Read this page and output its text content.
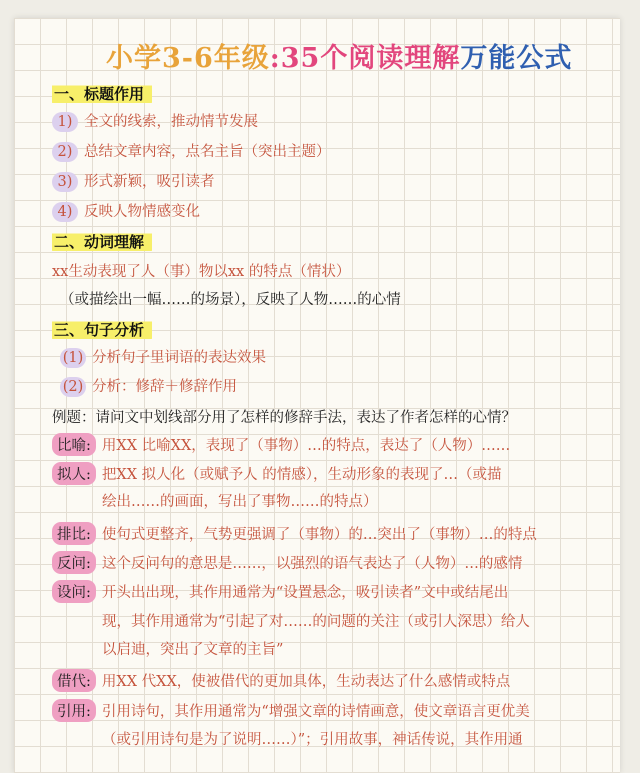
小学3-6年级:35个阅读理解万能公式
一、标题作用
1) 全文的线索，推动情节发展
2) 总结文章内容，点名主旨（突出主题）
3) 形式新颖，吸引读者
4) 反映人物情感变化
二、动词理解
xx生动表现了人（事）物以xx 的特点（情状）
（或描绘出一幅……的场景），反映了人物……的心情
三、句子分析
(1) 分析句子里词语的表达效果
(2) 分析：修辞＋修辞作用
例题：请问文中划线部分用了怎样的修辞手法，表达了作者怎样的心情？
比喻: 用XX 比喻XX，表现了（事物）…的特点，表达了（人物）……
拟人: 把XX 拟人化（或赋予人 的情感），生动形象的表现了…（或描
绘出……的画面，写出了事物……的特点）
排比: 使句式更整齐，气势更强调了（事物）的…突出了（事物）…的特点
反问: 这个反问句的意思是……，以强烈的语气表达了（人物）…的感情
设问: 开头出出现，其作用通常为“设置悬念，吸引读者”文中或结尾出
现，其作用通常为“引起了对……的问题的关注（或引人深思）给人
以启迪，突出了文章的主旨”
借代: 用XX 代XX，使被借代的更加具体，生动表达了什么感情或特点
引用: 引用诗句，其作用通常为“增强文章的诗情画意，使文章语言更优美
（或引用诗句是为了说明……）”；引用故事，神话传说，其作用通
